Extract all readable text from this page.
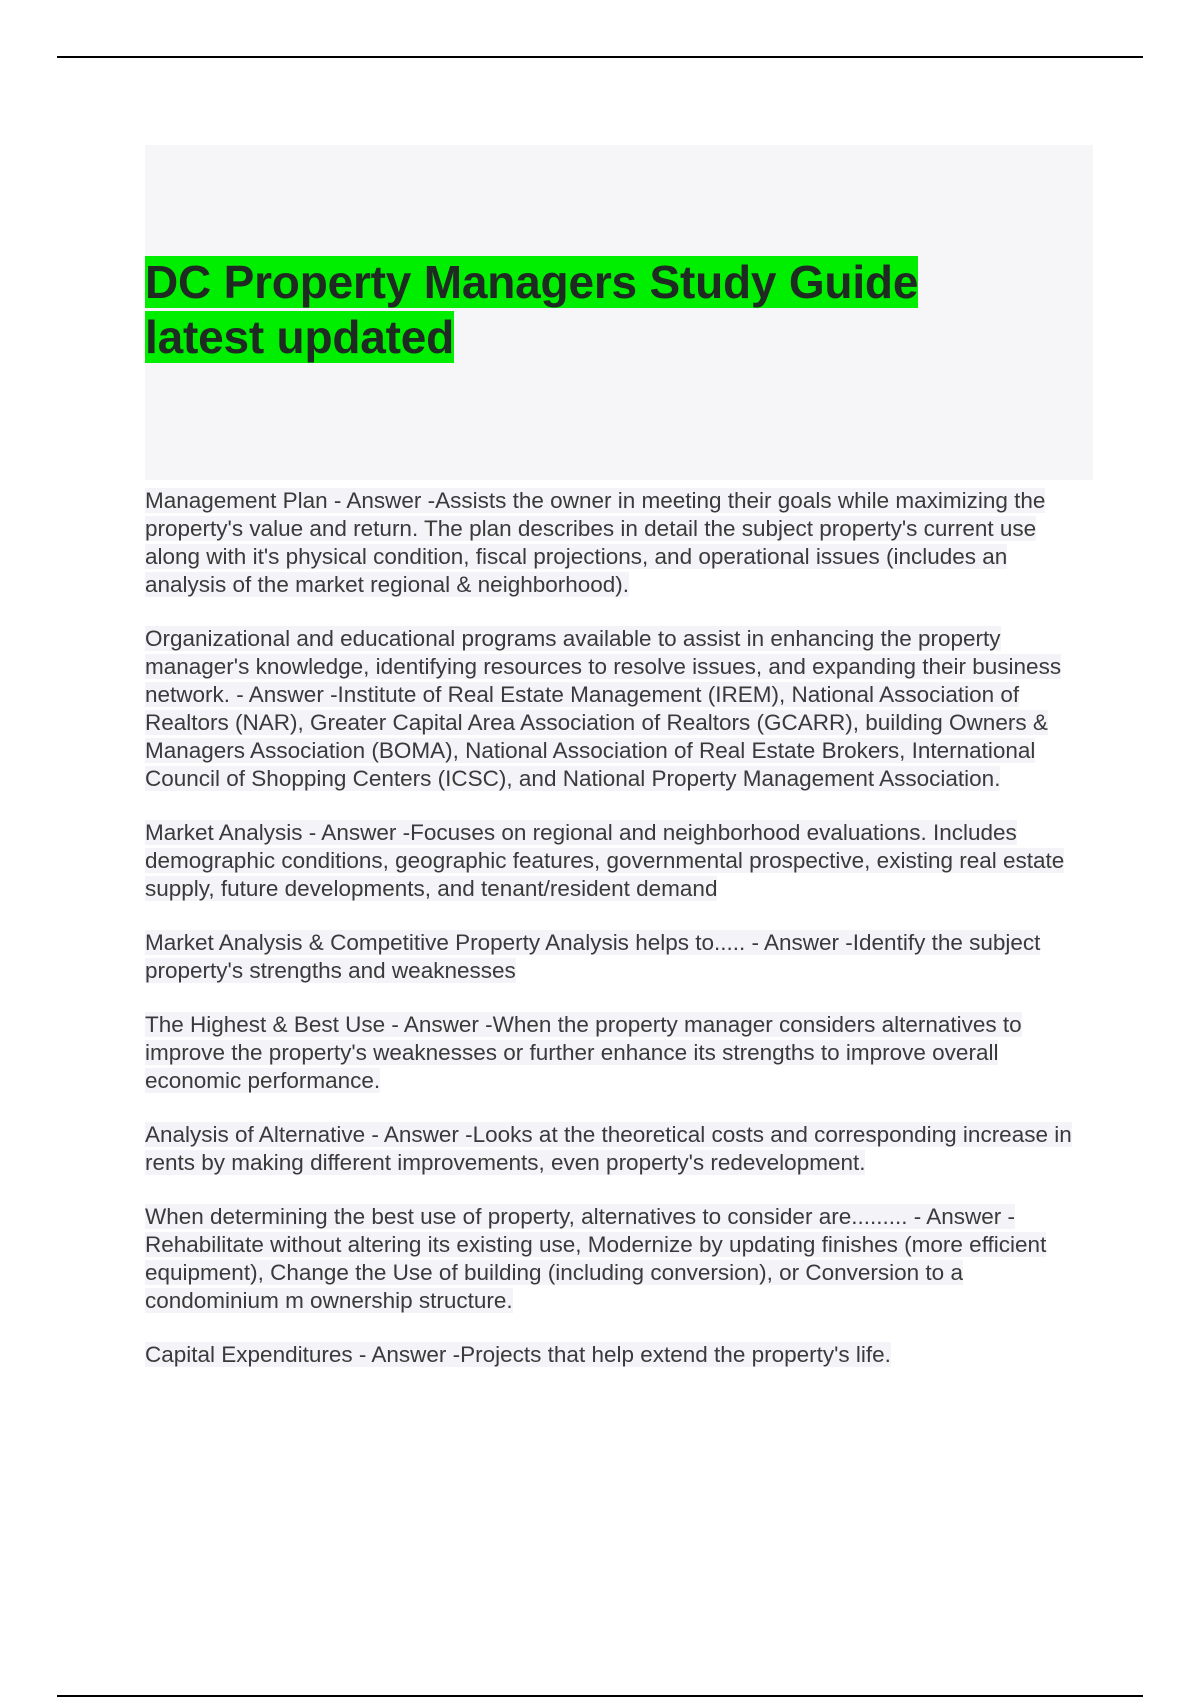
DC Property Managers Study Guide latest updated

Management Plan - Answer -Assists the owner in meeting their goals while maximizing the property's value and return. The plan describes in detail the subject property's current use along with it's physical condition, fiscal projections, and operational issues (includes an analysis of the market regional & neighborhood).

Organizational and educational programs available to assist in enhancing the property manager's knowledge, identifying resources to resolve issues, and expanding their business network. - Answer -Institute of Real Estate Management (IREM), National Association of Realtors (NAR), Greater Capital Area Association of Realtors (GCARR), building Owners & Managers Association (BOMA), National Association of Real Estate Brokers, International Council of Shopping Centers (ICSC), and National Property Management Association.

Market Analysis - Answer -Focuses on regional and neighborhood evaluations. Includes demographic conditions, geographic features, governmental prospective, existing real estate supply, future developments, and tenant/resident demand

Market Analysis & Competitive Property Analysis helps to..... - Answer -Identify the subject property's strengths and weaknesses

The Highest & Best Use - Answer -When the property manager considers alternatives to improve the property's weaknesses or further enhance its strengths to improve overall economic performance.

Analysis of Alternative - Answer -Looks at the theoretical costs and corresponding increase in rents by making different improvements, even property's redevelopment.

When determining the best use of property, alternatives to consider are......... - Answer -Rehabilitate without altering its existing use, Modernize by updating finishes (more efficient equipment), Change the Use of building (including conversion), or Conversion to a condominium m ownership structure.

Capital Expenditures - Answer -Projects that help extend the property's life.
